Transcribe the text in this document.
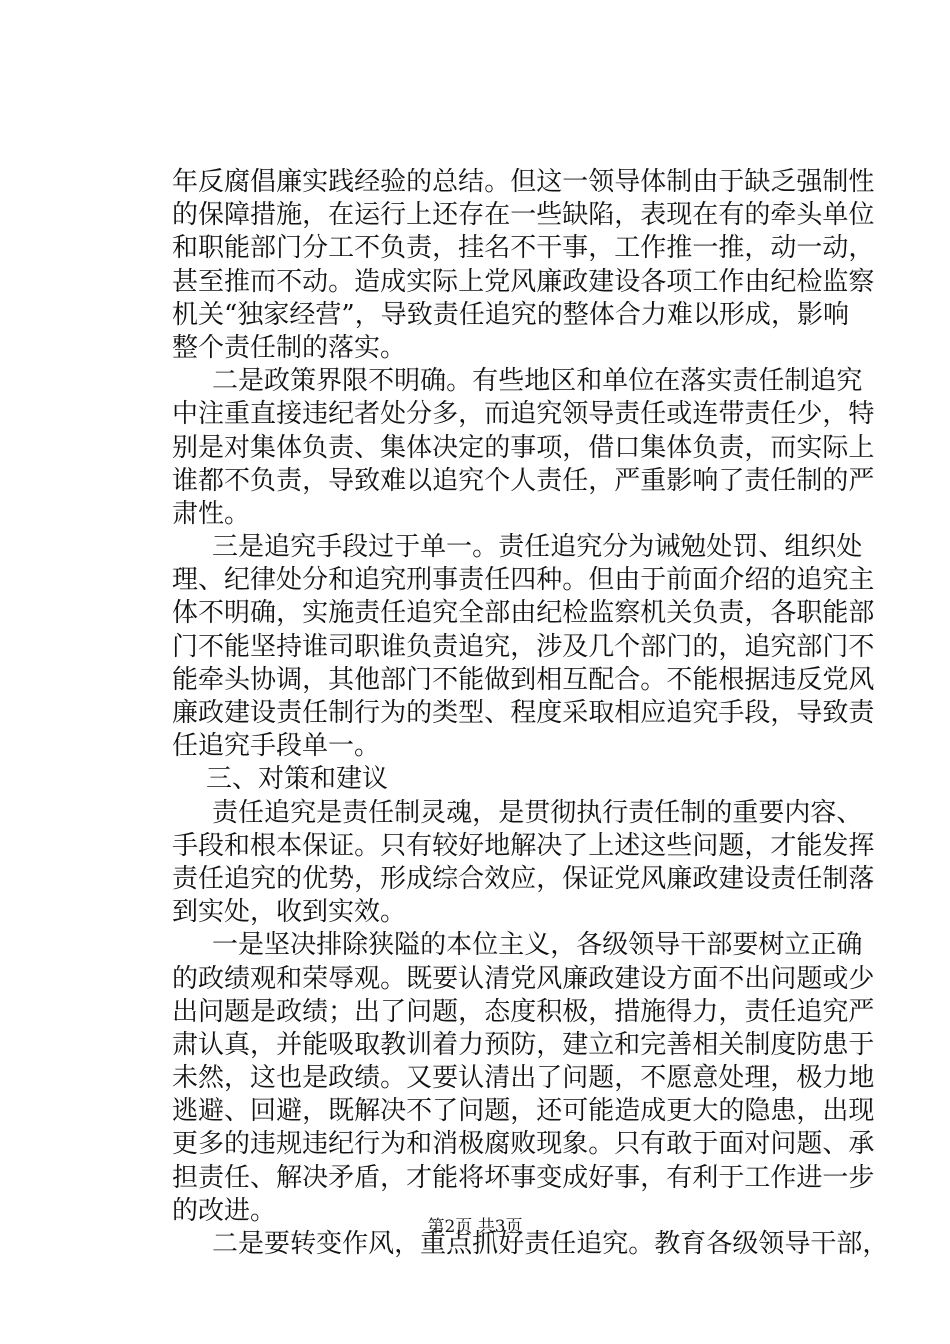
年 反 腐 倡 廉 实 践 经 验 的 总 结 。 但 这 一 领 导 体 制 由 于 缺 乏 强 制 性
的 保 障 措 施 ， 在 运 行 上 还 存 在 一 些 缺 陷 ， 表 现 在 有 的 牵 头 单 位
和 职 能 部 门 分 工 不 负 责 ， 挂 名 不 干 事 ， 工 作 推 一 推 ， 动 一 动 ，
甚 至 推 而 不 动 。 造 成 实 际 上 党 风 廉 政 建 设 各 项 工 作 由 纪 检 监 察
机 关 “ 独 家 经 营 ” ， 导 致 责 任 追 究 的 整 体 合 力 难 以 形 成 ， 影 响
整个责任制的落实。

二 是 政 策 界 限 不 明 确 。 有 些 地 区 和 单 位 在 落 实 责 任 制 追 究
中 注 重 直 接 违 纪 者 处 分 多 ， 而 追 究 领 导 责 任 或 连 带 责 任 少 ， 特
别 是 对 集 体 负 责 、 集 体 决 定 的 事 项 ， 借 口 集 体 负 责 ， 而 实 际 上
谁 都 不 负 责 ， 导 致 难 以 追 究 个 人 责 任 ， 严 重 影 响 了 责 任 制 的 严
肃性。

三 是 追 究 手 段 过 于 单 一 。 责 任 追 究 分 为 诫 勉 处 罚 、 组 织 处
理 、 纪 律 处 分 和 追 究 刑 事 责 任 四 种 。 但 由 于 前 面 介 绍 的 追 究 主
体 不 明 确 ， 实 施 责 任 追 究 全 部 由 纪 检 监 察 机 关 负 责 ， 各 职 能 部
门 不 能 坚 持 谁 司 职 谁 负 责 追 究 ， 涉 及 几 个 部 门 的 ， 追 究 部 门 不
能 牵 头 协 调 ， 其 他 部 门 不 能 做 到 相 互 配 合 。 不 能 根 据 违 反 党 风
廉 政 建 设 责 任 制 行 为 的 类 型 、 程 度 采 取 相 应 追 究 手 段 ， 导 致 责
任追究手段单一。
　三、对策和建议

责 任 追 究 是 责 任 制 灵 魂 ， 是 贯 彻 执 行 责 任 制 的 重 要 内 容 、
手 段 和 根 本 保 证 。 只 有 较 好 地 解 决 了 上 述 这 些 问 题 ， 才 能 发 挥
责 任 追 究 的 优 势 ， 形 成 综 合 效 应 ， 保 证 党 风 廉 政 建 设 责 任 制 落
到实处，收到实效。

一 是 坚 决 排 除 狭 隘 的 本 位 主 义 ， 各 级 领 导 干 部 要 树 立 正 确
的 政 绩 观 和 荣 辱 观 。 既 要 认 清 党 风 廉 政 建 设 方 面 不 出 问 题 或 少
出 问 题 是 政 绩 ； 出 了 问 题 ， 态 度 积 极 ， 措 施 得 力 ， 责 任 追 究 严
肃 认 真 ， 并 能 吸 取 教 训 着 力 预 防 ， 建 立 和 完 善 相 关 制 度 防 患 于
未 然 ， 这 也 是 政 绩 。 又 要 认 清 出 了 问 题 ， 不 愿 意 处 理 ， 极 力 地
逃 避 、 回 避 ， 既 解 决 不 了 问 题 ， 还 可 能 造 成 更 大 的 隐 患 ， 出 现
更 多 的 违 规 违 纪 行 为 和 消 极 腐 败 现 象 。 只 有 敢 于 面 对 问 题 、 承
担 责 任 、 解 决 矛 盾 ， 才 能 将 坏 事 变 成 好 事 ， 有 利 于 工 作 进 一 步
的改进。

二 是 要 转 变 作 风 ， 重 点 抓 好 责 任 追 究 。 教 育 各 级 领 导 干 部 ，
第2页 共3页
